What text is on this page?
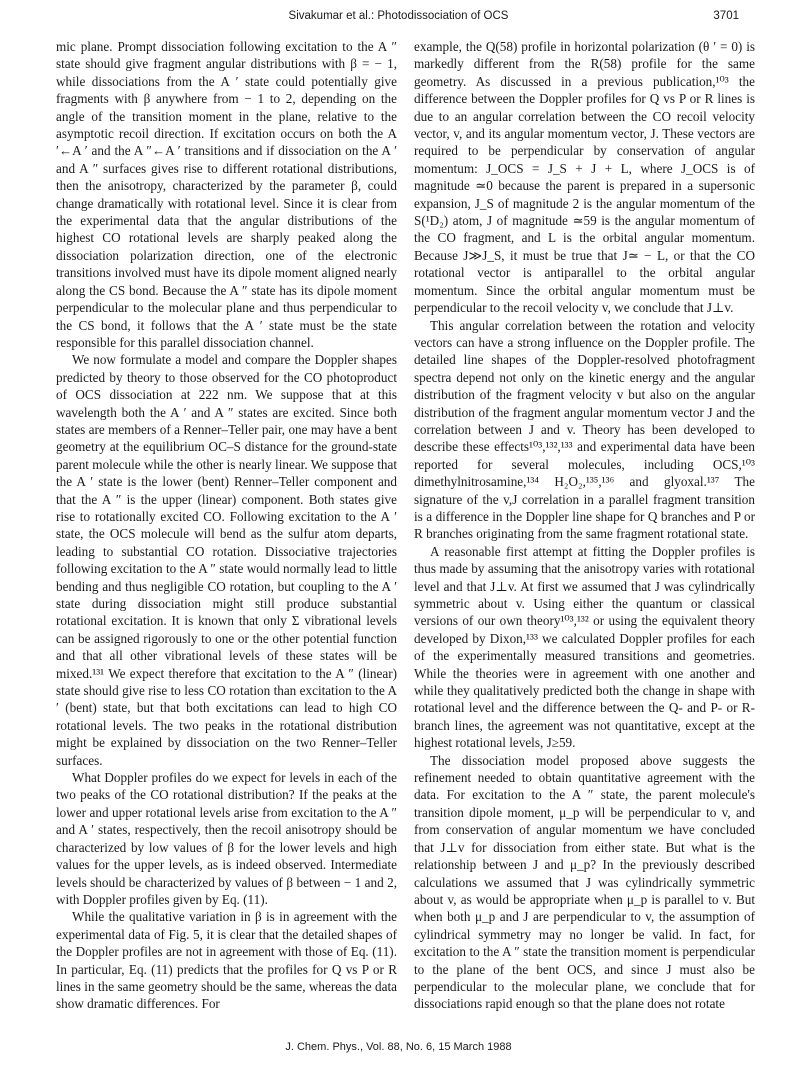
Sivakumar et al.: Photodissociation of OCS	3701

mic plane. Prompt dissociation following excitation to the A ″ state should give fragment angular distributions with β = − 1, while dissociations from the A ′ state could potentially give fragments with β anywhere from − 1 to 2, depending on the angle of the transition moment in the plane, relative to the asymptotic recoil direction. If excitation occurs on both the A ′←A ′ and the A ″←A ′ transitions and if dissociation on the A ′ and A ″ surfaces gives rise to different rotational distributions, then the anisotropy, characterized by the parameter β, could change dramatically with rotational level. Since it is clear from the experimental data that the angular distributions of the highest CO rotational levels are sharply peaked along the dissociation polarization direction, one of the electronic transitions involved must have its dipole moment aligned nearly along the CS bond. Because the A ″ state has its dipole moment perpendicular to the molecular plane and thus perpendicular to the CS bond, it follows that the A ′ state must be the state responsible for this parallel dissociation channel.

We now formulate a model and compare the Doppler shapes predicted by theory to those observed for the CO photoproduct of OCS dissociation at 222 nm. We suppose that at this wavelength both the A ′ and A ″ states are excited. Since both states are members of a Renner–Teller pair, one may have a bent geometry at the equilibrium OC–S distance for the ground-state parent molecule while the other is nearly linear. We suppose that the A ′ state is the lower (bent) Renner–Teller component and that the A ″ is the upper (linear) component. Both states give rise to rotationally excited CO. Following excitation to the A ′ state, the OCS molecule will bend as the sulfur atom departs, leading to substantial CO rotation. Dissociative trajectories following excitation to the A ″ state would normally lead to little bending and thus negligible CO rotation, but coupling to the A ′ state during dissociation might still produce substantial rotational excitation. It is known that only Σ vibrational levels can be assigned rigorously to one or the other potential function and that all other vibrational levels of these states will be mixed.¹³¹ We expect therefore that excitation to the A ″ (linear) state should give rise to less CO rotation than excitation to the A ′ (bent) state, but that both excitations can lead to high CO rotational levels. The two peaks in the rotational distribution might be explained by dissociation on the two Renner–Teller surfaces.

What Doppler profiles do we expect for levels in each of the two peaks of the CO rotational distribution? If the peaks at the lower and upper rotational levels arise from excitation to the A ″ and A ′ states, respectively, then the recoil anisotropy should be characterized by low values of β for the lower levels and high values for the upper levels, as is indeed observed. Intermediate levels should be characterized by values of β between − 1 and 2, with Doppler profiles given by Eq. (11).

While the qualitative variation in β is in agreement with the experimental data of Fig. 5, it is clear that the detailed shapes of the Doppler profiles are not in agreement with those of Eq. (11). In particular, Eq. (11) predicts that the profiles for Q vs P or R lines in the same geometry should be the same, whereas the data show dramatic differences. For

example, the Q(58) profile in horizontal polarization (θ ′ = 0) is markedly different from the R(58) profile for the same geometry. As discussed in a previous publication,¹⁰³ the difference between the Doppler profiles for Q vs P or R lines is due to an angular correlation between the CO recoil velocity vector, v, and its angular momentum vector, J. These vectors are required to be perpendicular by conservation of angular momentum: J_OCS = J_S + J + L, where J_OCS is of magnitude ≃0 because the parent is prepared in a supersonic expansion, J_S of magnitude 2 is the angular momentum of the S(¹D₂) atom, J of magnitude ≃59 is the angular momentum of the CO fragment, and L is the orbital angular momentum. Because J≫J_S, it must be true that J≃ − L, or that the CO rotational vector is antiparallel to the orbital angular momentum. Since the orbital angular momentum must be perpendicular to the recoil velocity v, we conclude that J⊥v.

This angular correlation between the rotation and velocity vectors can have a strong influence on the Doppler profile. The detailed line shapes of the Doppler-resolved photofragment spectra depend not only on the kinetic energy and the angular distribution of the fragment velocity v but also on the angular distribution of the fragment angular momentum vector J and the correlation between J and v. Theory has been developed to describe these effects¹⁰³,¹³²,¹³³ and experimental data have been reported for several molecules, including OCS,¹⁰³ dimethylnitrosamine,¹³⁴ H₂O₂,¹³⁵,¹³⁶ and glyoxal.¹³⁷ The signature of the v,J correlation in a parallel fragment transition is a difference in the Doppler line shape for Q branches and P or R branches originating from the same fragment rotational state.

A reasonable first attempt at fitting the Doppler profiles is thus made by assuming that the anisotropy varies with rotational level and that J⊥v. At first we assumed that J was cylindrically symmetric about v. Using either the quantum or classical versions of our own theory¹⁰³,¹³² or using the equivalent theory developed by Dixon,¹³³ we calculated Doppler profiles for each of the experimentally measured transitions and geometries. While the theories were in agreement with one another and while they qualitatively predicted both the change in shape with rotational level and the difference between the Q- and P- or R-branch lines, the agreement was not quantitative, except at the highest rotational levels, J≥59.

The dissociation model proposed above suggests the refinement needed to obtain quantitative agreement with the data. For excitation to the A ″ state, the parent molecule's transition dipole moment, μ_p will be perpendicular to v, and from conservation of angular momentum we have concluded that J⊥v for dissociation from either state. But what is the relationship between J and μ_p? In the previously described calculations we assumed that J was cylindrically symmetric about v, as would be appropriate when μ_p is parallel to v. But when both μ_p and J are perpendicular to v, the assumption of cylindrical symmetry may no longer be valid. In fact, for excitation to the A ″ state the transition moment is perpendicular to the plane of the bent OCS, and since J must also be perpendicular to the molecular plane, we conclude that for dissociations rapid enough so that the plane does not rotate

J. Chem. Phys., Vol. 88, No. 6, 15 March 1988
